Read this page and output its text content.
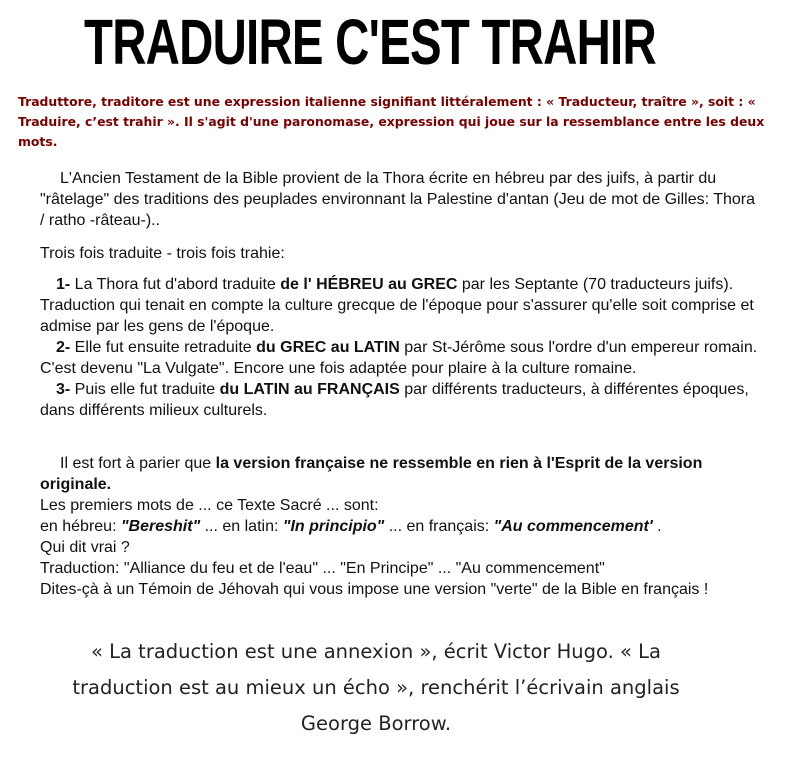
TRADUIRE C'EST TRAHIR

Traduttore, traditore est une expression italienne signifiant littéralement : « Traducteur, traître », soit : « Traduire, c’est trahir ». Il s'agit d'une paronomase, expression qui joue sur la ressemblance entre les deux mots.

L'Ancien Testament de la Bible provient de la Thora écrite en hébreu par des juifs, à partir du "râtelage" des traditions des peuplades environnant la Palestine d'antan (Jeu de mot de Gilles: Thora / ratho -râteau-)..

Trois fois traduite - trois fois trahie:

1- La Thora fut d'abord traduite de l' HÉBREU au GREC par les Septante (70 traducteurs juifs). Traduction qui tenait en compte la culture grecque de l'époque pour s'assurer qu'elle soit comprise et admise par les gens de l'époque.

2- Elle fut ensuite retraduite du GREC au LATIN par St-Jérôme sous l'ordre d'un empereur romain. C'est devenu "La Vulgate". Encore une fois adaptée pour plaire à la culture romaine.

3- Puis elle fut traduite du LATIN au FRANÇAIS par différents traducteurs, à différentes époques, dans différents milieux culturels.

Il est fort à parier que la version française ne ressemble en rien à l'Esprit de la version originale.

Les premiers mots de ... ce Texte Sacré ... sont:

en hébreu: "Bereshit" ... en latin: "In principio" ... en français: "Au commencement' .

Qui dit vrai ?

Traduction: "Alliance du feu et de l'eau" ... "En Principe" ... "Au commencement"

Dites-çà à un Témoin de Jéhovah qui vous impose une version "verte" de la Bible en français !

« La traduction est une annexion », écrit Victor Hugo. « La traduction est au mieux un écho », renchérit l’écrivain anglais George Borrow.
